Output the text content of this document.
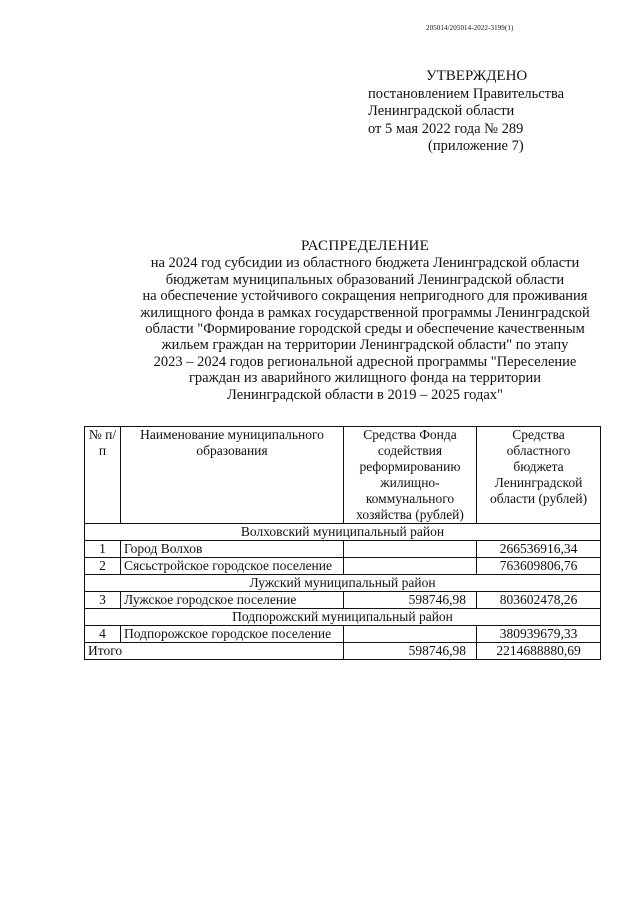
205014/205014-2022-3199(1)
УТВЕРЖДЕНО
постановлением Правительства
Ленинградской области
от 5 мая 2022 года № 289
(приложение 7)
РАСПРЕДЕЛЕНИЕ
на 2024 год субсидии из областного бюджета Ленинградской области
бюджетам муниципальных образований Ленинградской области
на обеспечение устойчивого сокращения непригодного для проживания
жилищного фонда в рамках государственной программы Ленинградской
области "Формирование городской среды и обеспечение качественным
жильем граждан на территории Ленинградской области" по этапу
2023 – 2024 годов региональной адресной программы "Переселение
граждан из аварийного жилищного фонда на территории
Ленинградской области в 2019 – 2025 годах"
№ п/п	Наименование муниципального образования	Средства Фонда содействия реформированию жилищно-коммунального хозяйства (рублей)	Средства областного бюджета Ленинградской области (рублей)
Волховский муниципальный район			
1	Город Волхов		266536916,34
2	Сясьстройское городское поселение		763609806,76
Лужский муниципальный район			
3	Лужское городское поселение	598746,98	803602478,26
Подпорожский муниципальный район			
4	Подпорожское городское поселение		380939679,33
Итого		598746,98	2214688880,69
